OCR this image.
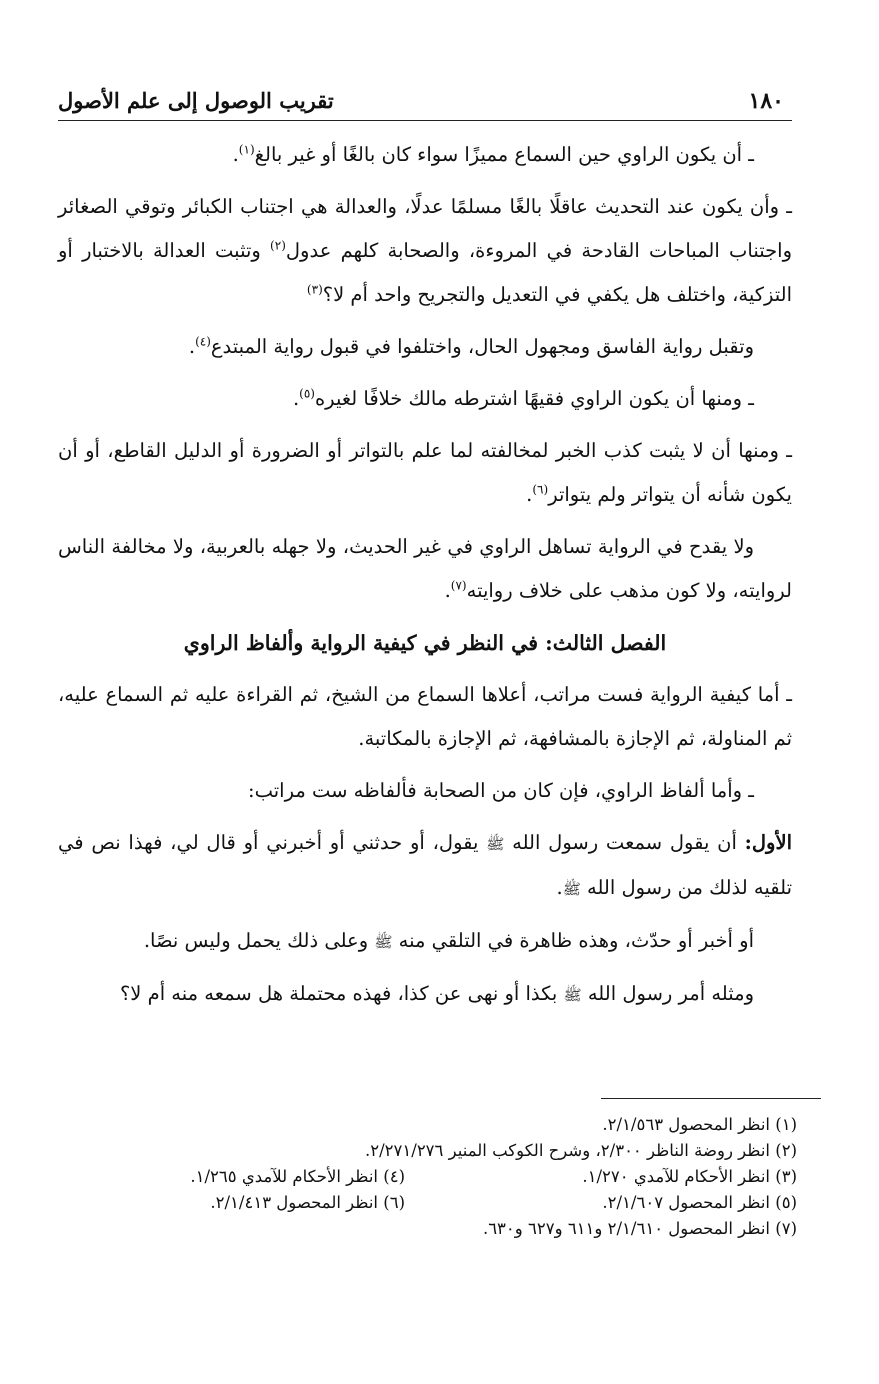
١٨٠
تقريب الوصول إلى علم الأصول

ـ أن يكون الراوي حين السماع مميزًا سواء كان بالغًا أو غير بالغ$^{(١)}$.

ـ وأن يكون عند التحديث عاقلًا بالغًا مسلمًا عدلًا، والعدالة هي اجتناب الكبائر وتوقي الصغائر واجتناب المباحات القادحة في المروءة، والصحابة كلهم عدول$^{(٢)}$ وتثبت العدالة بالاختبار أو التزكية، واختلف هل يكفي في التعديل والتجريح واحد أم لا؟$^{(٣)}$

وتقبل رواية الفاسق ومجهول الحال، واختلفوا في قبول رواية المبتدع$^{(٤)}$.

ـ ومنها أن يكون الراوي فقيهًا اشترطه مالك خلافًا لغيره$^{(٥)}$.

ـ ومنها أن لا يثبت كذب الخبر لمخالفته لما علم بالتواتر أو الضرورة أو الدليل القاطع، أو أن يكون شأنه أن يتواتر ولم يتواتر$^{(٦)}$.

ولا يقدح في الرواية تساهل الراوي في غير الحديث، ولا جهله بالعربية، ولا مخالفة الناس لروايته، ولا كون مذهب على خلاف روايته$^{(٧)}$.

الفصل الثالث: في النظر في كيفية الرواية وألفاظ الراوي

ـ أما كيفية الرواية فست مراتب، أعلاها السماع من الشيخ، ثم القراءة عليه ثم السماع عليه، ثم المناولة، ثم الإجازة بالمشافهة، ثم الإجازة بالمكاتبة.

ـ وأما ألفاظ الراوي، فإن كان من الصحابة فألفاظه ست مراتب:

الأول: أن يقول سمعت رسول الله ﷺ يقول، أو حدثني أو أخبرني أو قال لي، فهذا نص في تلقيه لذلك من رسول الله ﷺ.

أو أخبر أو حدّث، وهذه ظاهرة في التلقي منه ﷺ وعلى ذلك يحمل وليس نصًا.

ومثله أمر رسول الله ﷺ بكذا أو نهى عن كذا، فهذه محتملة هل سمعه منه أم لا؟

(١) انظر المحصول ٢/١/٥٦٣.
(٢) انظر روضة الناظر ٢/٣٠٠، وشرح الكوكب المنير ٢/٢٧١/٢٧٦.
(٣) انظر الأحكام للآمدي ١/٢٧٠.
(٤) انظر الأحكام للآمدي ١/٢٦٥.
(٥) انظر المحصول ٢/١/٦٠٧.
(٦) انظر المحصول ٢/١/٤١٣.
(٧) انظر المحصول ٢/١/٦١٠ و٦١١ و٦٢٧ و٦٣٠.
